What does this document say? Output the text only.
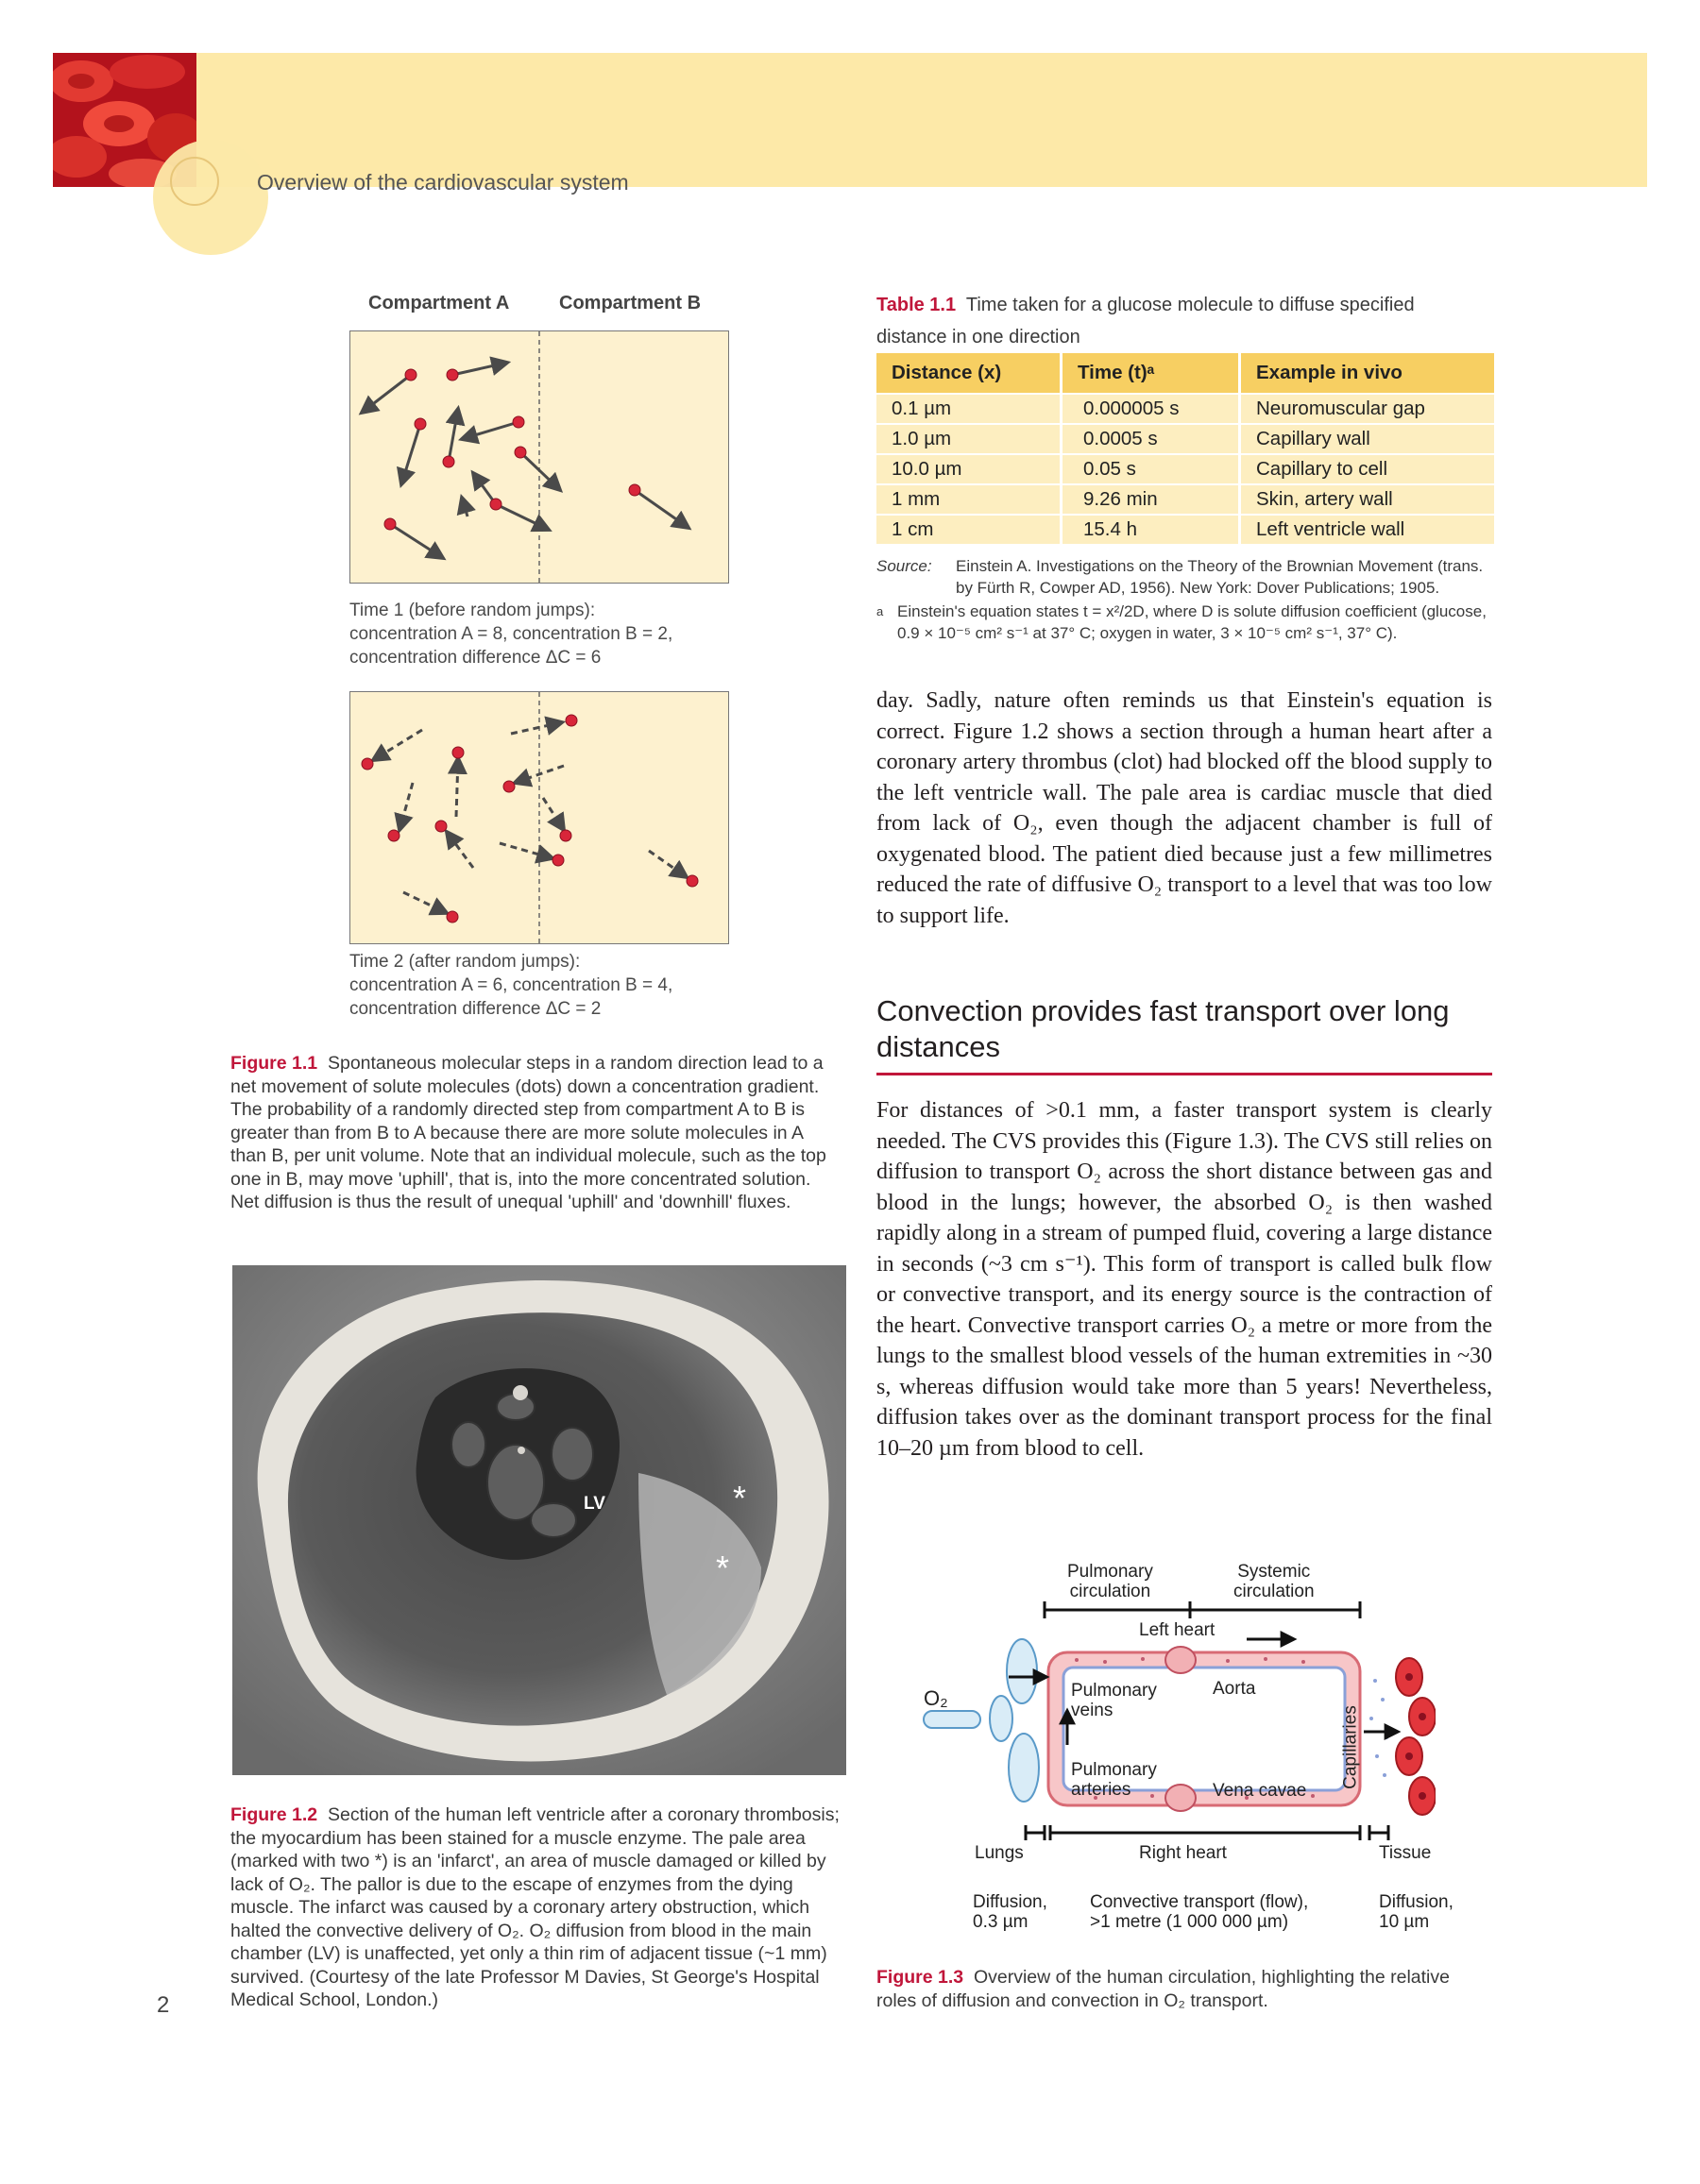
Overview of the cardiovascular system
Compartment A	Compartment B
Time 1 (before random jumps):
concentration A = 8, concentration B = 2,
concentration difference ΔC = 6
Time 2 (after random jumps):
concentration A = 6, concentration B = 4,
concentration difference ΔC = 2
Figure 1.1 Spontaneous molecular steps in a random direction lead to a net movement of solute molecules (dots) down a concentration gradient. The probability of a randomly directed step from compartment A to B is greater than from B to A because there are more solute molecules in A than B, per unit volume. Note that an individual molecule, such as the top one in B, may move 'uphill', that is, into the more concentrated solution. Net diffusion is thus the result of unequal 'uphill' and 'downhill' fluxes.
LV	*
*
Figure 1.2 Section of the human left ventricle after a coronary thrombosis; the myocardium has been stained for a muscle enzyme. The pale area (marked with two *) is an 'infarct', an area of muscle damaged or killed by lack of O₂. The pallor is due to the escape of enzymes from the dying muscle. The infarct was caused by a coronary artery obstruction, which halted the convective delivery of O₂. O₂ diffusion from blood in the main chamber (LV) is unaffected, yet only a thin rim of adjacent tissue (~1 mm) survived. (Courtesy of the late Professor M Davies, St George's Hospital Medical School, London.)
Table 1.1 Time taken for a glucose molecule to diffuse specified distance in one direction
Distance (x)	Time (t)ᵃ	Example in vivo
0.1 µm	0.000005 s	Neuromuscular gap
1.0 µm	0.0005 s	Capillary wall
10.0 µm	0.05 s	Capillary to cell
1 mm	9.26 min	Skin, artery wall
1 cm	15.4 h	Left ventricle wall
Source: Einstein A. Investigations on the Theory of the Brownian Movement (trans. by Fürth R, Cowper AD, 1956). New York: Dover Publications; 1905.
a Einstein's equation states t = x²/2D, where D is solute diffusion coefficient (glucose, 0.9 × 10⁻⁵ cm² s⁻¹ at 37° C; oxygen in water, 3 × 10⁻⁵ cm² s⁻¹, 37° C).
day. Sadly, nature often reminds us that Einstein's equation is correct. Figure 1.2 shows a section through a human heart after a coronary artery thrombus (clot) had blocked off the blood supply to the left ventricle wall. The pale area is cardiac muscle that died from lack of O₂, even though the adjacent chamber is full of oxygenated blood. The patient died because just a few millimetres reduced the rate of diffusive O₂ transport to a level that was too low to support life.
Convection provides fast transport over long distances
For distances of >0.1 mm, a faster transport system is clearly needed. The CVS provides this (Figure 1.3). The CVS still relies on diffusion to transport O₂ across the short distance between gas and blood in the lungs; however, the absorbed O₂ is then washed rapidly along in a stream of pumped fluid, covering a large distance in seconds (~3 cm s⁻¹). This form of transport is called bulk flow or convective transport, and its energy source is the contraction of the heart. Convective transport carries O₂ a metre or more from the lungs to the smallest blood vessels of the human extremities in ~30 s, whereas diffusion would take more than 5 years! Nevertheless, diffusion takes over as the dominant transport process for the final 10–20 µm from blood to cell.
Pulmonary
circulation
Systemic
circulation
Left heart
O₂	Pulmonary
veins
Aorta
Pulmonary
arteries	Vena cavae
Capillaries
Lungs	Right heart	Tissue
Diffusion,
0.3 µm
Convective transport (flow),
>1 metre (1 000 000 µm)
Diffusion,
10 µm
Figure 1.3 Overview of the human circulation, highlighting the relative roles of diffusion and convection in O₂ transport.
2
